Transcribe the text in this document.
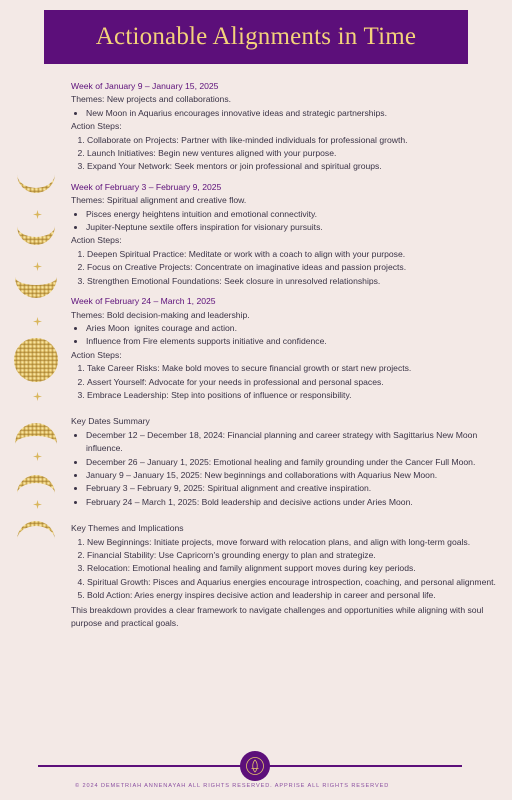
Actionable Alignments in Time
Week of January 9 – January 15, 2025
Themes: New projects and collaborations.
• New Moon in Aquarius encourages innovative ideas and strategic partnerships.
Action Steps:
1. Collaborate on Projects: Partner with like-minded individuals for professional growth.
2. Launch Initiatives: Begin new ventures aligned with your purpose.
3. Expand Your Network: Seek mentors or join professional and spiritual groups.
Week of February 3 – February 9, 2025
Themes: Spiritual alignment and creative flow.
• Pisces energy heightens intuition and emotional connectivity.
• Jupiter-Neptune sextile offers inspiration for visionary pursuits.
Action Steps:
1. Deepen Spiritual Practice: Meditate or work with a coach to align with your purpose.
2. Focus on Creative Projects: Concentrate on imaginative ideas and passion projects.
3. Strengthen Emotional Foundations: Seek closure in unresolved relationships.
Week of February 24 – March 1, 2025
Themes: Bold decision-making and leadership.
• Aries Moon  ignites courage and action.
• Influence from Fire elements supports initiative and confidence.
Action Steps:
1. Take Career Risks: Make bold moves to secure financial growth or start new projects.
2. Assert Yourself: Advocate for your needs in professional and personal spaces.
3. Embrace Leadership: Step into positions of influence or responsibility.
Key Dates Summary
• December 12 – December 18, 2024: Financial planning and career strategy with Sagittarius New Moon influence.
• December 26 – January 1, 2025: Emotional healing and family grounding under the Cancer Full Moon.
• January 9 – January 15, 2025: New beginnings and collaborations with Aquarius New Moon.
• February 3 – February 9, 2025: Spiritual alignment and creative inspiration.
• February 24 – March 1, 2025: Bold leadership and decisive actions under Aries Moon.
Key Themes and Implications
1. New Beginnings: Initiate projects, move forward with relocation plans, and align with long-term goals.
2. Financial Stability: Use Capricorn's grounding energy to plan and strategize.
3. Relocation: Emotional healing and family alignment support moves during key periods.
4. Spiritual Growth: Pisces and Aquarius energies encourage introspection, coaching, and personal alignment.
5. Bold Action: Aries energy inspires decisive action and leadership in career and personal life.
This breakdown provides a clear framework to navigate challenges and opportunities while aligning with soul purpose and practical goals.
© 2024 DEMETRIAH ANNENAYAH ALL RIGHTS RESERVED. APPRISE ALL RIGHTS RESERVED
